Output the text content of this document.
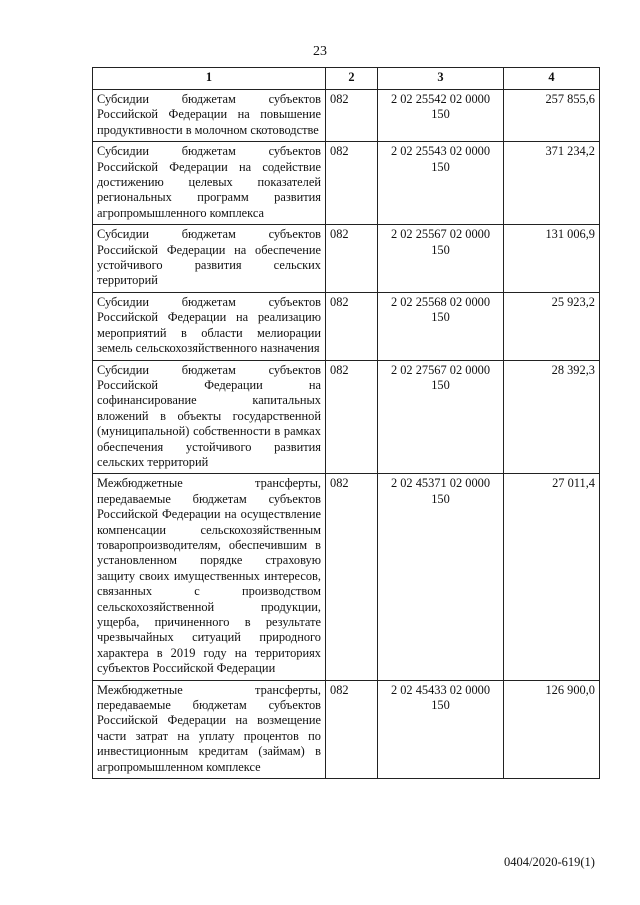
23
1	2	3	4
Субсидии бюджетам субъектов Российской Федерации на повышение продуктивности в молочном скотоводстве	082	2 02 25542 02 0000 150	257 855,6
Субсидии бюджетам субъектов Российской Федерации на содействие достижению целевых показателей региональных программ развития агропромышленного комплекса	082	2 02 25543 02 0000 150	371 234,2
Субсидии бюджетам субъектов Российской Федерации на обеспечение устойчивого развития сельских территорий	082	2 02 25567 02 0000 150	131 006,9
Субсидии бюджетам субъектов Российской Федерации на реализацию мероприятий в области мелиорации земель сельскохозяйственного назначения	082	2 02 25568 02 0000 150	25 923,2
Субсидии бюджетам субъектов Российской Федерации на софинансирование капитальных вложений в объекты государственной (муниципальной) собственности в рамках обеспечения устойчивого развития сельских территорий	082	2 02 27567 02 0000 150	28 392,3
Межбюджетные трансферты, передаваемые бюджетам субъектов Российской Федерации на осуществление компенсации сельскохозяйственным товаропроизводителям, обеспечившим в установленном порядке страховую защиту своих имущественных интересов, связанных с производством сельскохозяйственной продукции, ущерба, причиненного в результате чрезвычайных ситуаций природного характера в 2019 году на территориях субъектов Российской Федерации	082	2 02 45371 02 0000 150	27 011,4
Межбюджетные трансферты, передаваемые бюджетам субъектов Российской Федерации на возмещение части затрат на уплату процентов по инвестиционным кредитам (займам) в агропромышленном комплексе	082	2 02 45433 02 0000 150	126 900,0
0404/2020-619(1)
